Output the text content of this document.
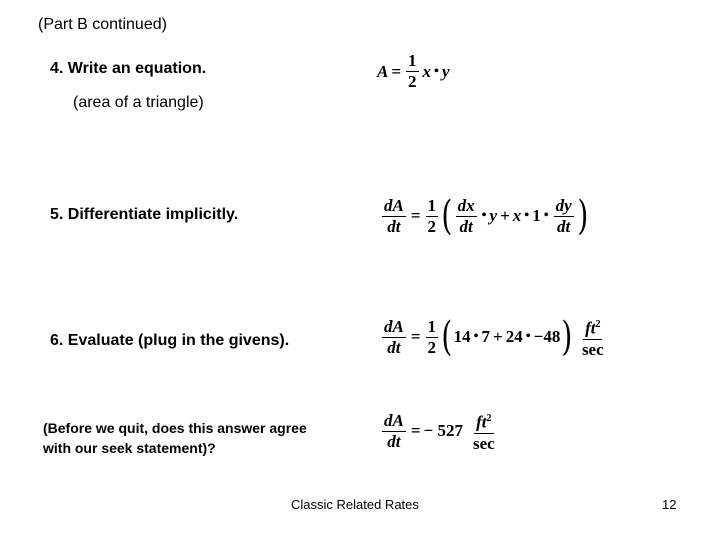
(Part B continued)
4. Write an equation.
(area of a triangle)
$A = \frac{1}{2}$ x • y
5. Differentiate implicitly.	$\frac{dA}{dt} = \frac{1}{2}$ ( $\frac{dx}{dt}$ • y + x • 1 • $\frac{dy}{dt}$ )
6. Evaluate (plug in the givens).	$\frac{dA}{dt} = \frac{1}{2}$ ( 14 • 7 + 24 • −48 ) $\frac{ft^2}{\sec}$
(Before we quit, does this answer agree
with our seek statement)?	$\frac{dA}{dt}$ = − $527 \frac{ft^2}{\sec}$
Classic Related Rates	12
